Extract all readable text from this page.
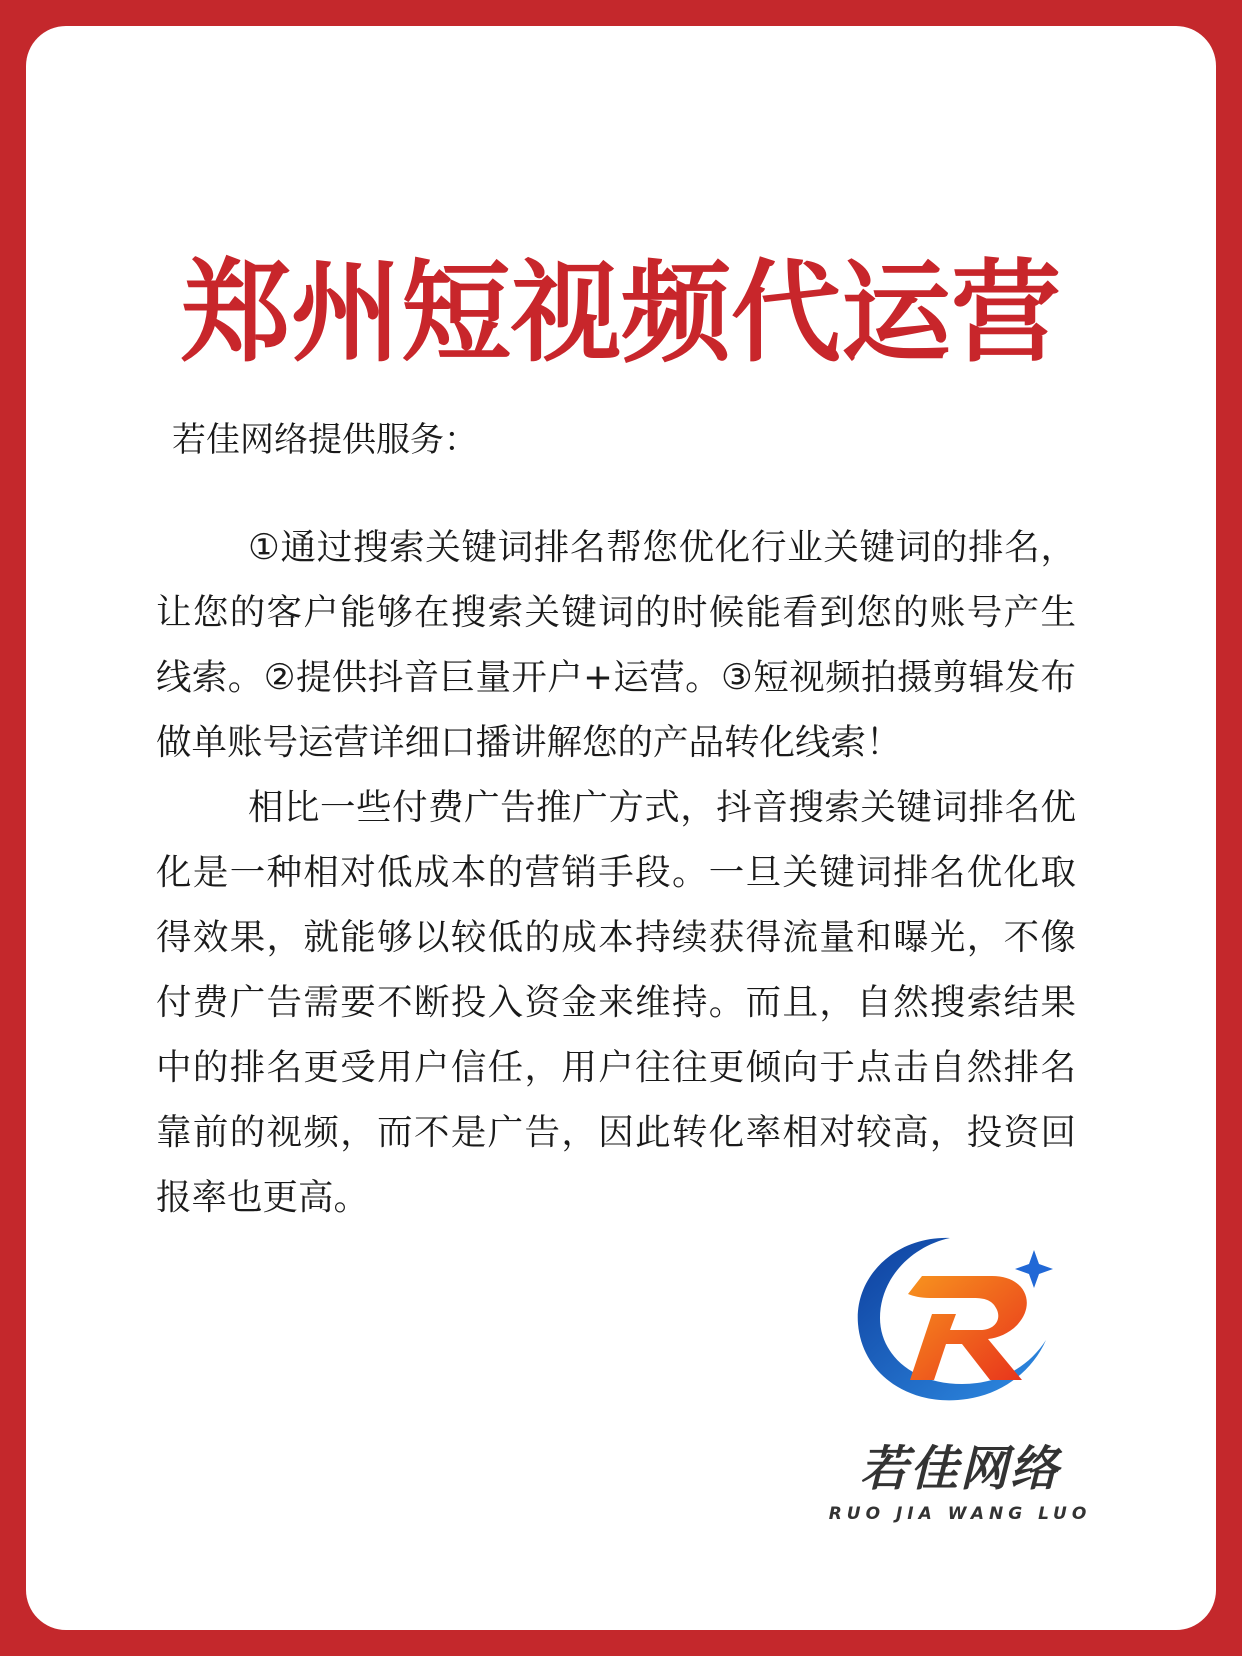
郑州短视频代运营
若佳网络提供服务：

①通过搜索关键词排名帮您优化行业关键词的排名，让您的客户能够在搜索关键词的时候能看到您的账号产生线索。②提供抖音巨量开户+运营。③短视频拍摄剪辑发布做单账号运营详细口播讲解您的产品转化线索！

相比一些付费广告推广方式，抖音搜索关键词排名优化是一种相对低成本的营销手段。一旦关键词排名优化取得效果，就能够以较低的成本持续获得流量和曝光，不像付费广告需要不断投入资金来维持。而且，自然搜索结果中的排名更受用户信任，用户往往更倾向于点击自然排名靠前的视频，而不是广告，因此转化率相对较高，投资回报率也更高。

若佳网络
RUO JIA WANG LUO
